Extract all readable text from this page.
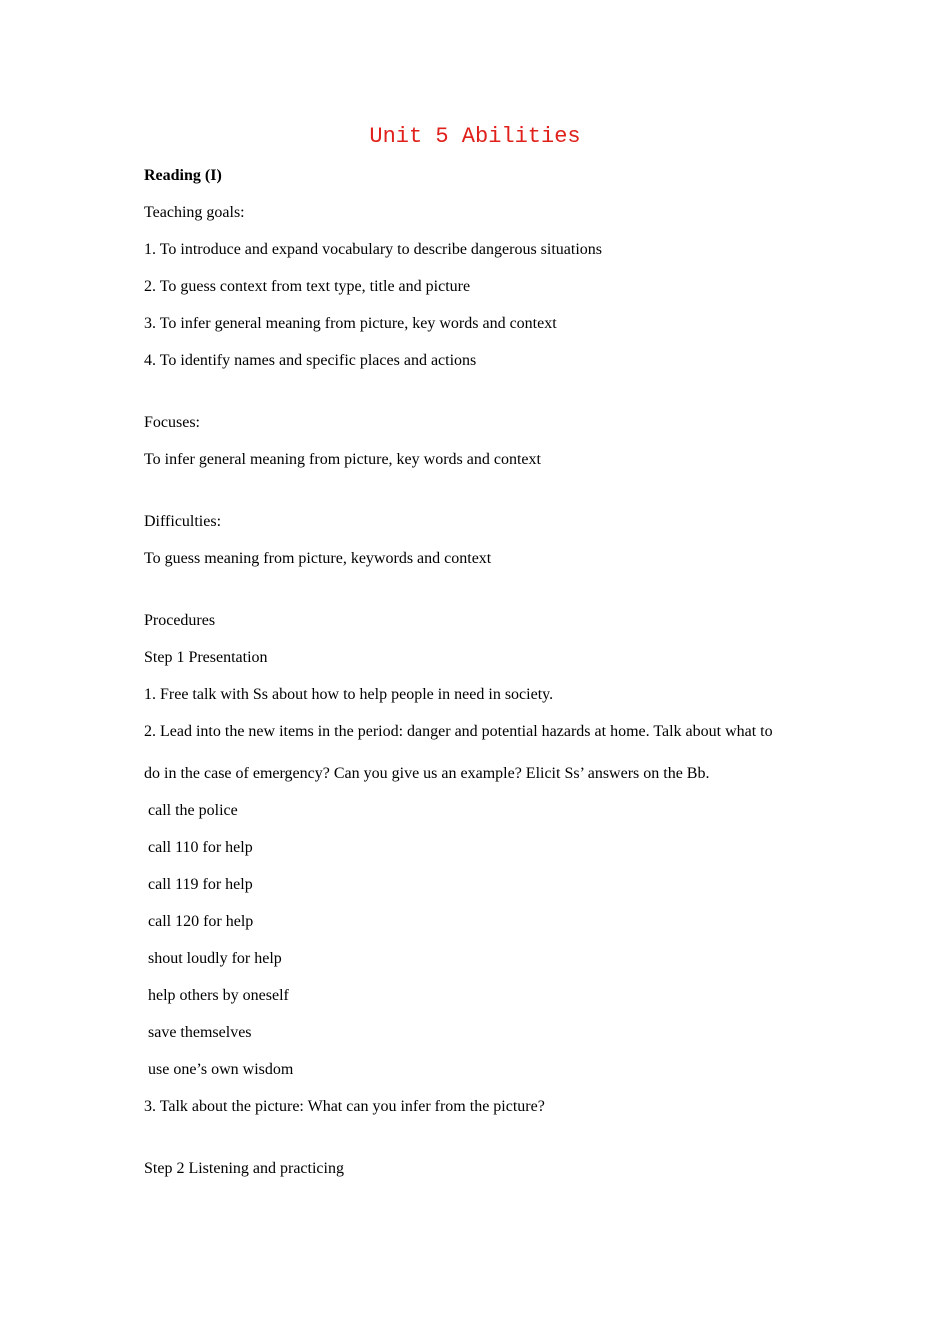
Unit 5 Abilities
Reading (I)
Teaching goals:
1. To introduce and expand vocabulary to describe dangerous situations
2. To guess context from text type, title and picture
3. To infer general meaning from picture, key words and context
4. To identify names and specific places and actions
Focuses:
To infer general meaning from picture, key words and context
Difficulties:
To guess meaning from picture, keywords and context
Procedures
Step 1 Presentation
1. Free talk with Ss about how to help people in need in society.
2. Lead into the new items in the period: danger and potential hazards at home. Talk about what to
do in the case of emergency? Can you give us an example? Elicit Ss’ answers on the Bb.
call the police
call 110 for help
call 119 for help
call 120 for help
shout loudly for help
help others by oneself
save themselves
use one’s own wisdom
3. Talk about the picture: What can you infer from the picture?
Step 2 Listening and practicing
